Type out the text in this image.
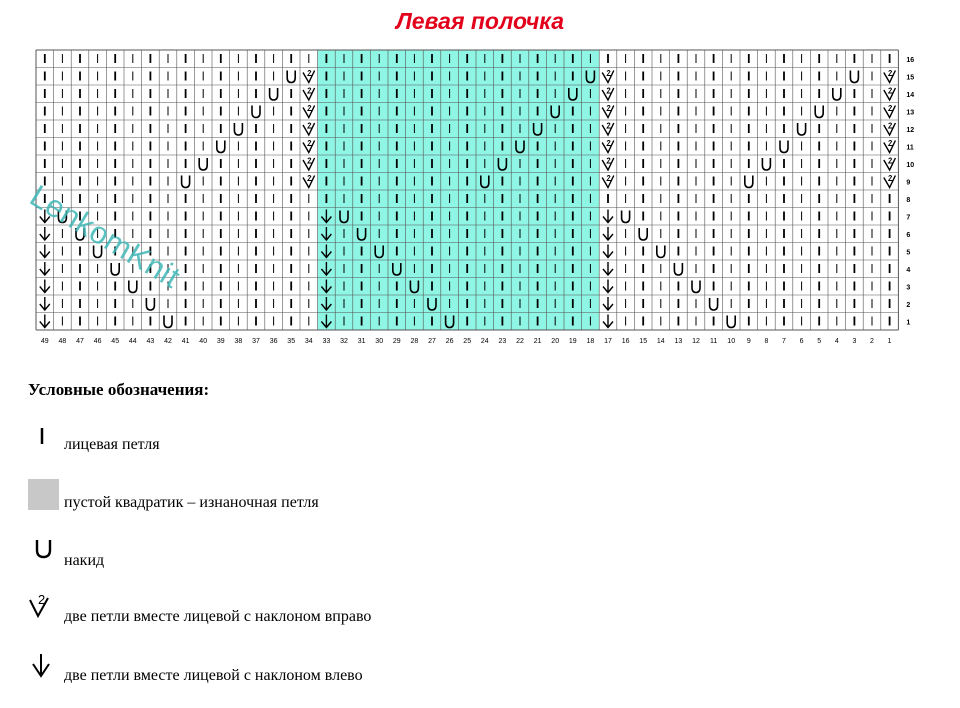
Левая полочка
49 48 47 46 45 44 43 42 41 40 39 38 37 36 35 34 33 32 31 30 29 28 27 26 25 24 23 22 21 20 19 18 17 16 15 14 13 12 11 10 9 8 7 6 5 4 3 2 1
16
15
14
13
12
11
10
9
8
7
6
5
4
3
2
1
LenkomKnit
Условные обозначения:
лицевая петля
пустой квадратик – изнаночная петля
накид
2
две петли вместе лицевой с наклоном вправо
две петли вместе лицевой с наклоном влево
